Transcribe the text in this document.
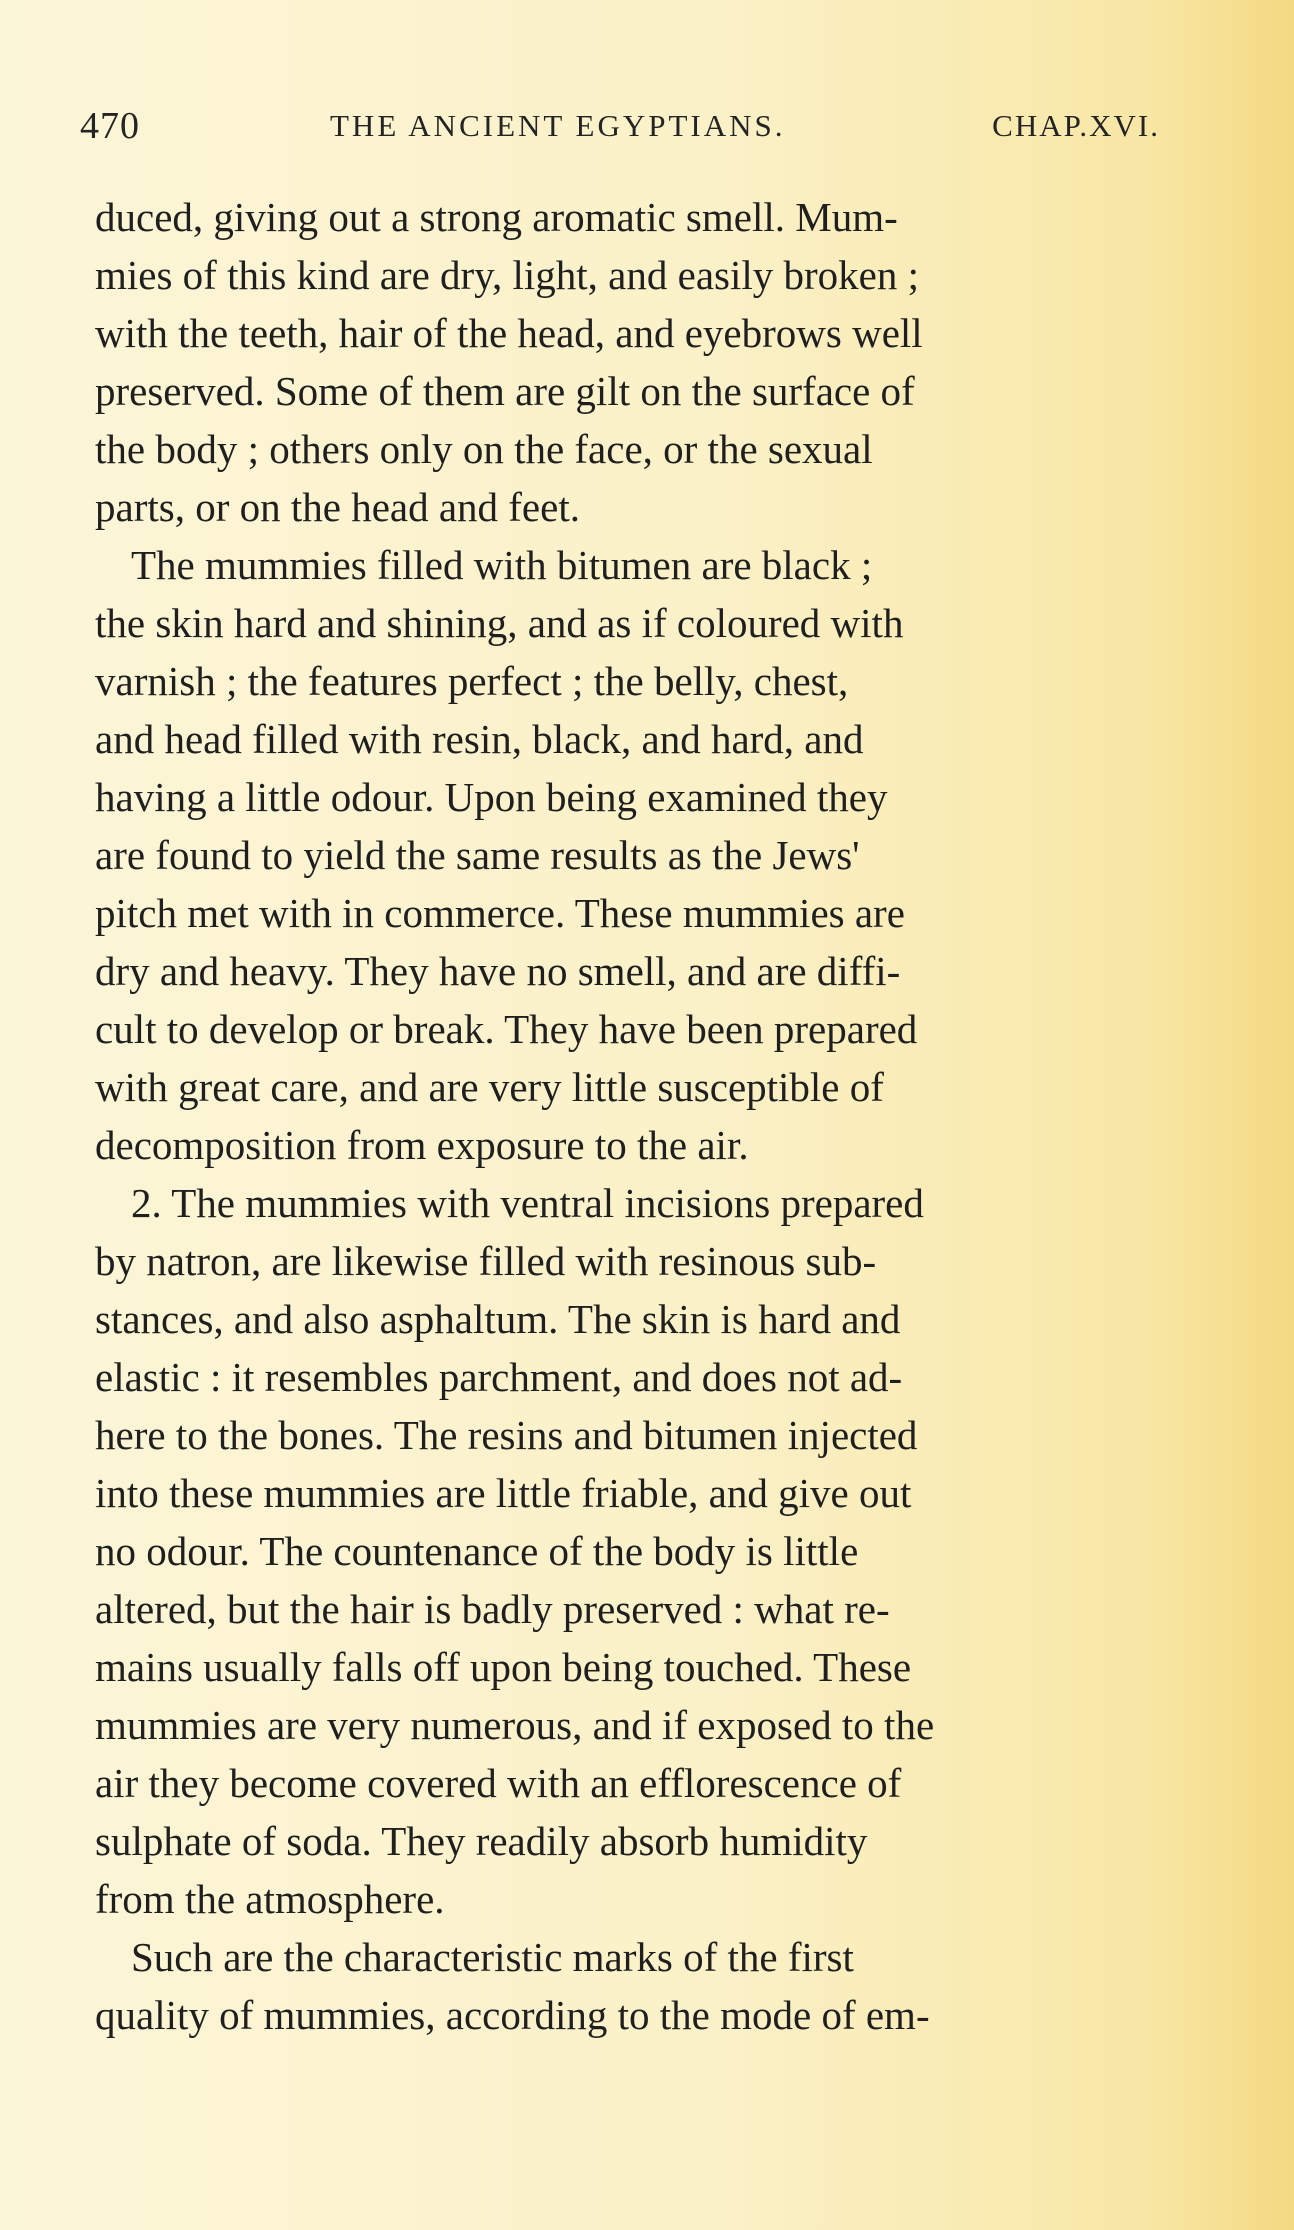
470	THE ANCIENT EGYPTIANS.	CHAP.XVI.
duced, giving out a strong aromatic smell. Mum-
mies of this kind are dry, light, and easily broken ;
with the teeth, hair of the head, and eyebrows well
preserved. Some of them are gilt on the surface of
the body ; others only on the face, or the sexual
parts, or on the head and feet.
The mummies filled with bitumen are black ;
the skin hard and shining, and as if coloured with
varnish ; the features perfect ; the belly, chest,
and head filled with resin, black, and hard, and
having a little odour. Upon being examined they
are found to yield the same results as the Jews'
pitch met with in commerce. These mummies are
dry and heavy. They have no smell, and are diffi-
cult to develop or break. They have been prepared
with great care, and are very little susceptible of
decomposition from exposure to the air.
2. The mummies with ventral incisions prepared
by natron, are likewise filled with resinous sub-
stances, and also asphaltum. The skin is hard and
elastic : it resembles parchment, and does not ad-
here to the bones. The resins and bitumen injected
into these mummies are little friable, and give out
no odour. The countenance of the body is little
altered, but the hair is badly preserved : what re-
mains usually falls off upon being touched. These
mummies are very numerous, and if exposed to the
air they become covered with an efflorescence of
sulphate of soda. They readily absorb humidity
from the atmosphere.
Such are the characteristic marks of the first
quality of mummies, according to the mode of em-
